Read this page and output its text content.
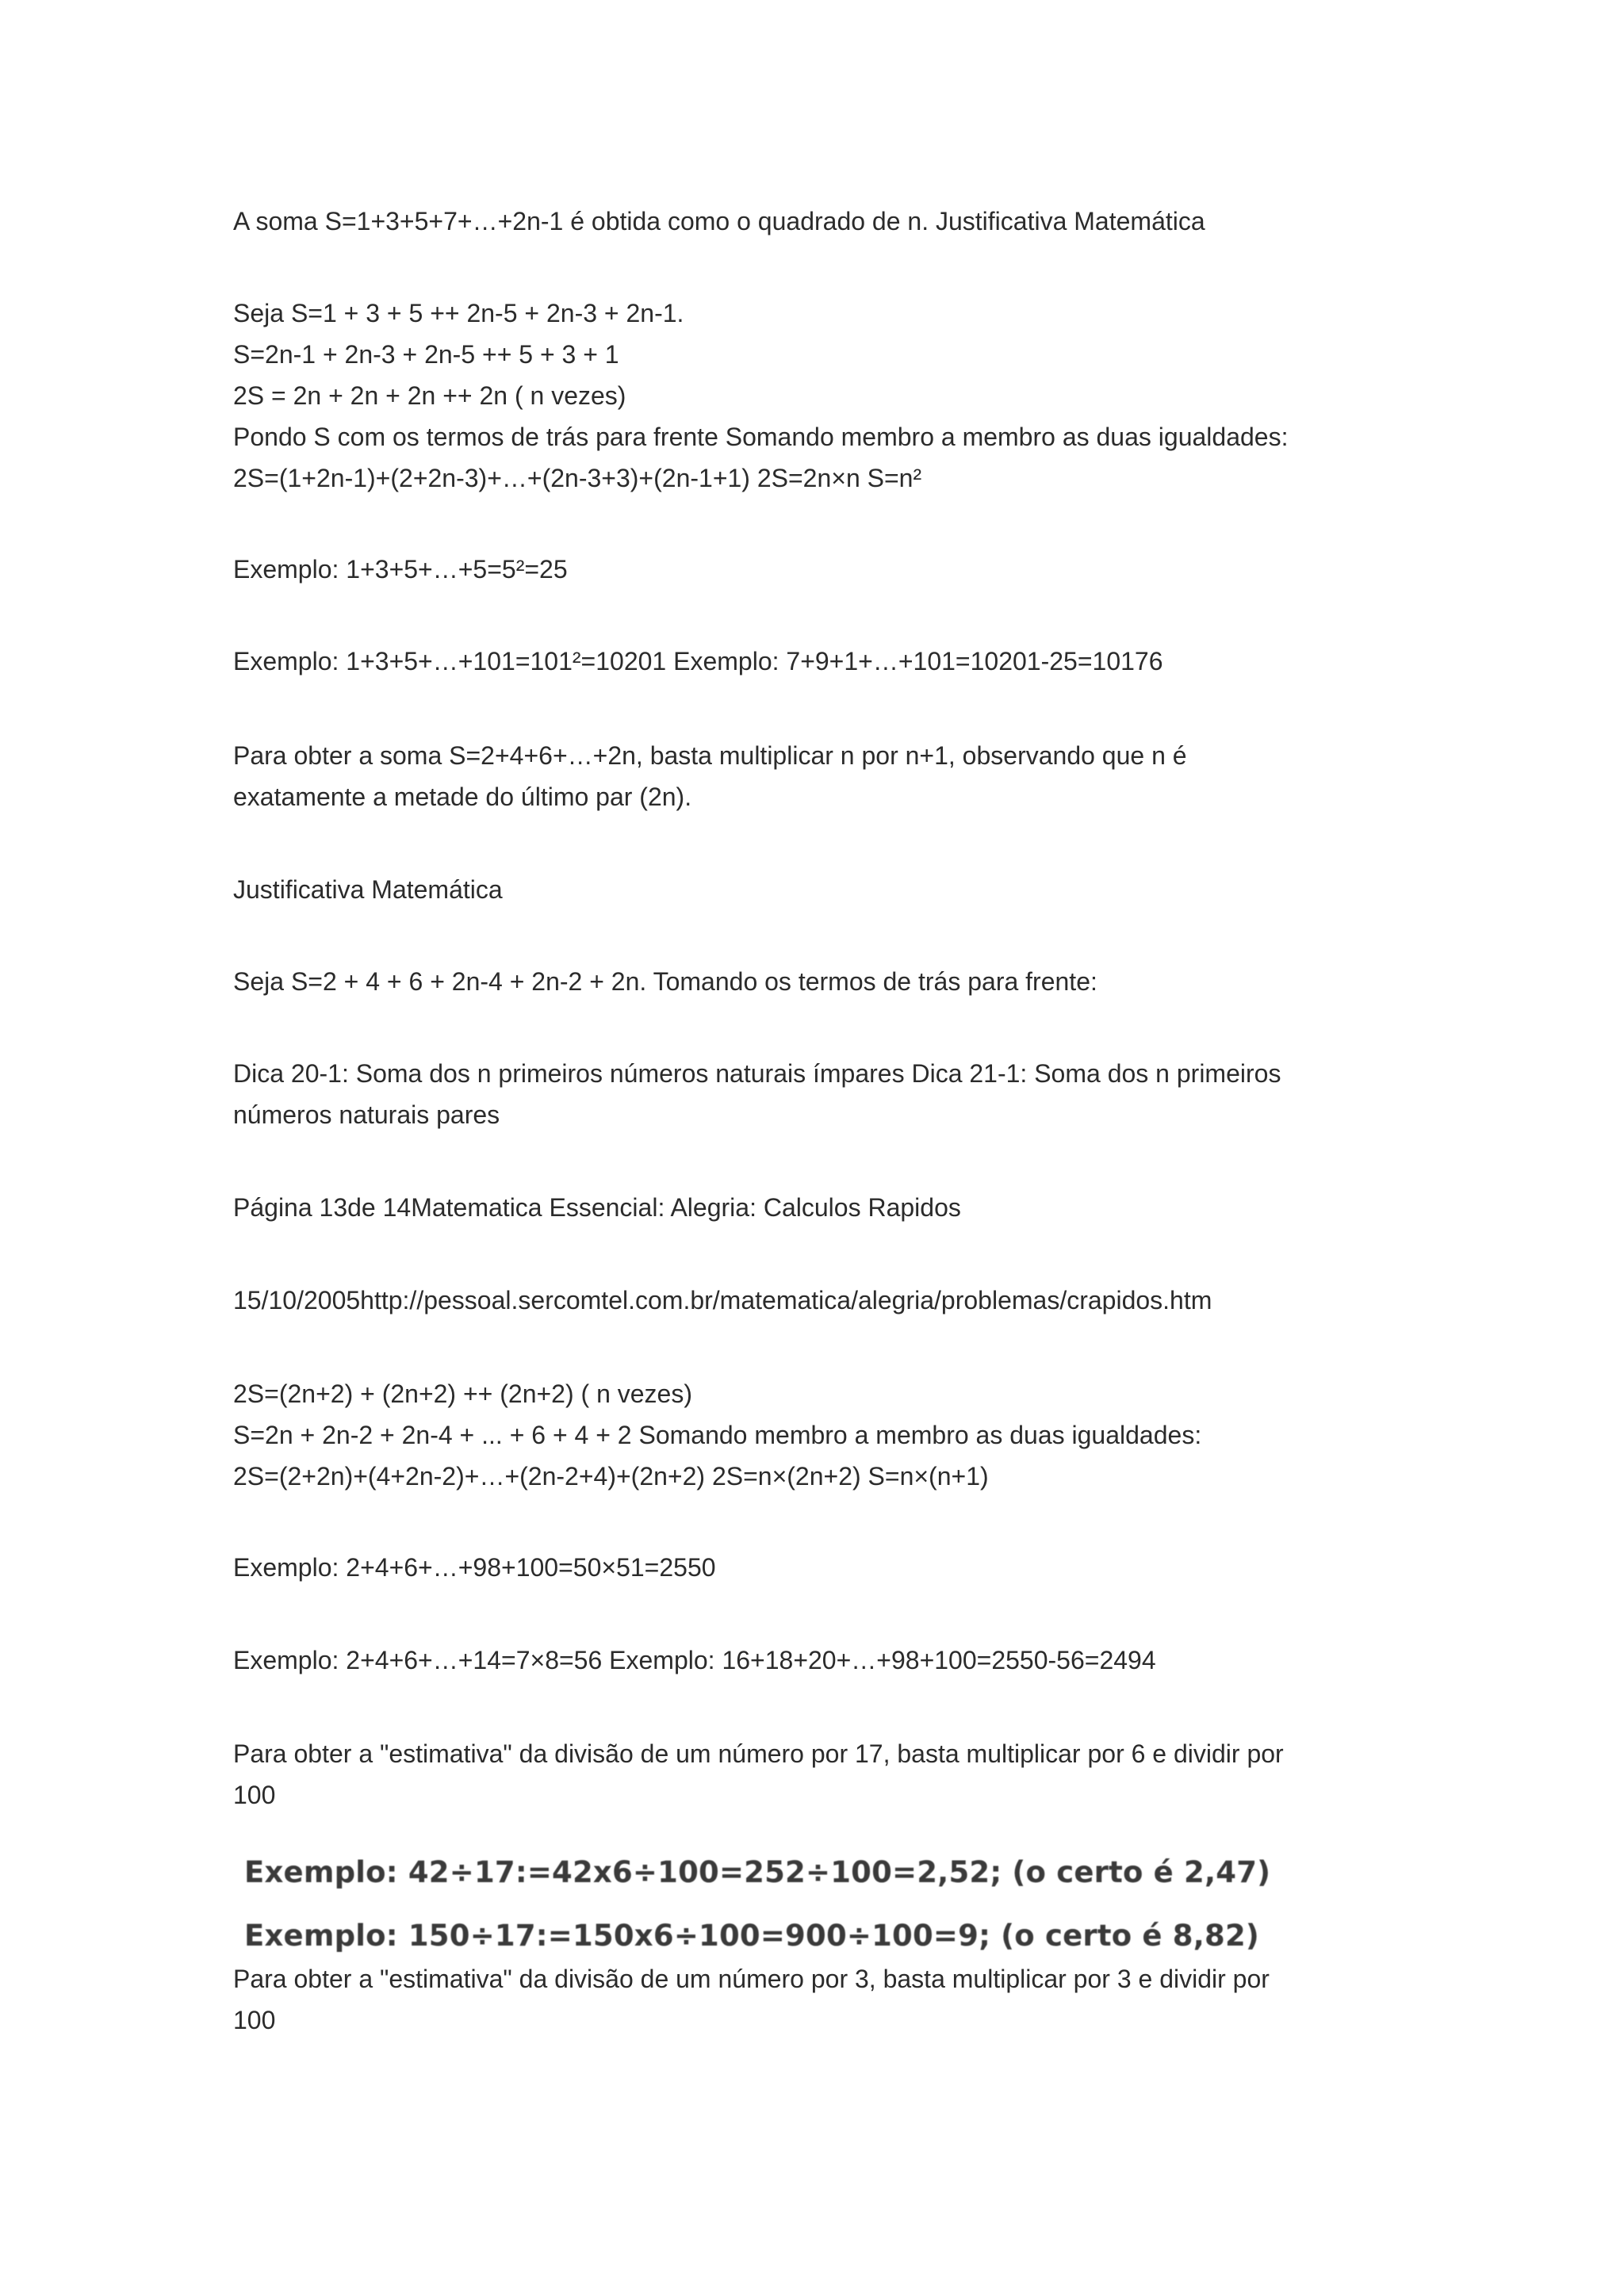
A soma S=1+3+5+7+…+2n-1 é obtida como o quadrado de n. Justificativa Matemática
Seja S=1 + 3 + 5 ++ 2n-5 + 2n-3 + 2n-1.
S=2n-1 + 2n-3 + 2n-5 ++ 5 + 3 + 1
2S = 2n + 2n + 2n ++ 2n ( n vezes)
Pondo S com os termos de trás para frente Somando membro a membro as duas igualdades:
2S=(1+2n-1)+(2+2n-3)+…+(2n-3+3)+(2n-1+1) 2S=2n×n S=n²
Exemplo: 1+3+5+…+5=5²=25
Exemplo: 1+3+5+…+101=101²=10201 Exemplo: 7+9+1+…+101=10201-25=10176
Para obter a soma S=2+4+6+…+2n, basta multiplicar n por n+1, observando que n é
exatamente a metade do último par (2n).
Justificativa Matemática
Seja S=2 + 4 + 6 + 2n-4 + 2n-2 + 2n. Tomando os termos de trás para frente:
Dica 20-1: Soma dos n primeiros números naturais ímpares Dica 21-1: Soma dos n primeiros
números naturais pares
Página 13de 14Matematica Essencial: Alegria: Calculos Rapidos
15/10/2005http://pessoal.sercomtel.com.br/matematica/alegria/problemas/crapidos.htm
2S=(2n+2) + (2n+2) ++ (2n+2) ( n vezes)
S=2n + 2n-2 + 2n-4 + ... + 6 + 4 + 2 Somando membro a membro as duas igualdades:
2S=(2+2n)+(4+2n-2)+…+(2n-2+4)+(2n+2) 2S=n×(2n+2) S=n×(n+1)
Exemplo: 2+4+6+…+98+100=50×51=2550
Exemplo: 2+4+6+…+14=7×8=56 Exemplo: 16+18+20+…+98+100=2550-56=2494
Para obter a "estimativa" da divisão de um número por 17, basta multiplicar por 6 e dividir por
100
Exemplo: 42÷17:=42x6÷100=252÷100=2,52; (o certo é 2,47)
Exemplo: 150÷17:=150x6÷100=900÷100=9; (o certo é 8,82)
Para obter a "estimativa" da divisão de um número por 3, basta multiplicar por 3 e dividir por
100
